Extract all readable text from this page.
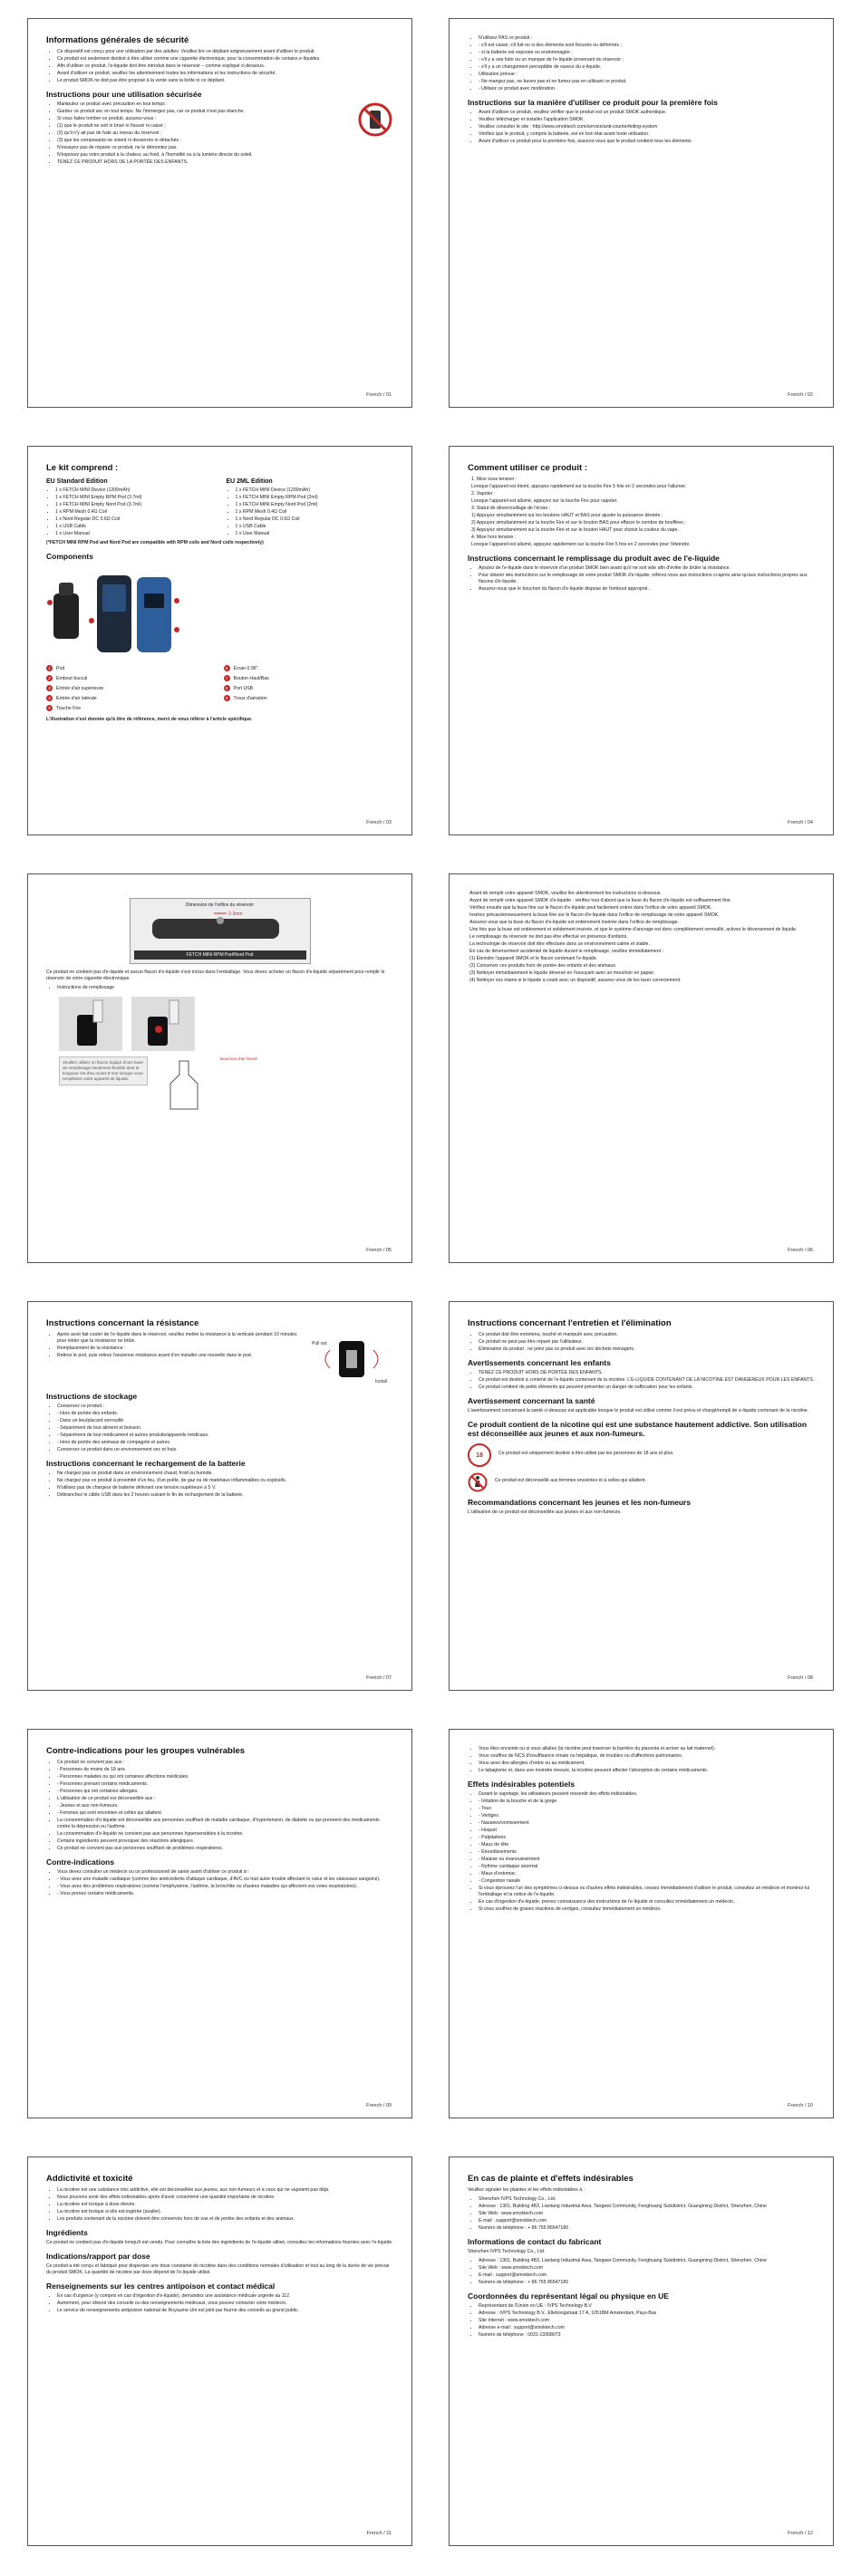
Informations générales de sécurité
• Ce dispositif est conçu pour une utilisation par des adultes. Veuillez lire ce dépliant soigneusement avant d'utiliser le produit.
• Ce produit est seulement destiné à être utilisé comme une cigarette électronique, pour la consommation de certains e-liquides.
• Afin d'utiliser ce produit, l'e-liquide doit être introduit dans le réservoir – comme expliqué ci-dessous.
• Avant d'utiliser ce produit, veuillez lire attentivement toutes les informations et les instructions de sécurité.
• Le produit SMOK ne doit pas être proposé à la vente sans la boîte ni ce dépliant.
Instructions pour une utilisation sécurisée
• Manipulez ce produit avec précaution en tout temps :
• Gardez ce produit sec en tout temps. Ne l'immergez pas, car ce produit n'est pas étanche.
• Si vous faites tomber ce produit, assurez-vous :
• (1) que le produit ne soit ni brisé ni fissuré ni cassé ;
• (2) qu'il n'y ait pas de fuite au niveau du réservoir ;
• (3) que les composants ne soient ni desserrés ni détachés ;
• N'essayez pas de réparer ce produit, ne le démontez pas.
• N'exposez pas votre produit à la chaleur, au froid, à l'humidité ou à la lumière directe du soleil.
• TENEZ CE PRODUIT HORS DE LA PORTÉE DES ENFANTS.
French / 01
• N'utilisez PAS ce produit :
• - s'il est cassé, s'il fuit ou si des éléments sont fissurés ou déformés ;
• - si la batterie est exposée ou endommagée ;
• - s'il y a une fuite ou un manque de l'e-liquide provenant du réservoir ;
• - s'il y a un changement perceptible de saveur du e-liquide.
• Utilisation prévue :
• - Ne mangez pas, ne buvez pas et ne fumez pas en utilisant ce produit.
• - Utilisez ce produit avec modération.
Instructions sur la manière d'utiliser ce produit pour la première fois
• Avant d'utiliser ce produit, veuillez vérifier que le produit est un produit SMOK authentique.
• Veuillez télécharger et installer l'application SMOK.
• Veuillez consulter le site : http://www.smoktech.com/service/anti-counterfeiting-system
• Vérifiez que le produit, y compris la batterie, est en bon état avant toute utilisation.
• Avant d'utiliser ce produit pour la première fois, assurez-vous que le produit contient tous les éléments.
French / 02
Le kit comprend :
EU Standard Edition
• 1 x FETCH MINI Device (1200mAh)
• 1 x FETCH MINI Empty RPM Pod (3.7ml)
• 1 x FETCH MINI Empty Nord Pod (3.7ml)
• 1 x RPM Mesh 0.4Ω Coil
• 1 x Nord Regular DC 0.6Ω Coil
• 1 x USB Cable
• 1 x User Manual
EU 2ML Edition
• 1 x FETCH MINI Device (1200mAh)
• 1 x FETCH MINI Empty RPM Pod (2ml)
• 1 x FETCH MINI Empty Nord Pod (2ml)
• 1 x RPM Mesh 0.4Ω Coil
• 1 x Nord Regular DC 0.6Ω Coil
• 1 x USB Cable
• 1 x User Manual

(*FETCH MINI RPM Pod and Nord Pod are compatible with RPM coils and Nord coils respectively)

Components
1	Pod	6	Écran 0.96"
2	Embout buccal	7	Bouton Haut/Bas
3	Entrée d'air supérieure	8	Port USB
4	Entrée d'air latérale	9	Trous d'aération
5	Touche Fire

L'illustration n'est donnée qu'à titre de référence, merci de vous référer à l'article spécifique.

French / 03
Comment utiliser ce produit :
1. Mise sous tension :
Lorsque l'appareil est éteint, appuyez rapidement sur la touche Fire 5 fois en 2 secondes pour l'allumer.
2. Vapoter :
Lorsque l'appareil est allumé, appuyez sur la touche Fire pour vapoter.
3. Statut de déverrouillage de l'écran :
1) Appuyez simultanément sur les boutons HAUT et BAS pour ajuster la puissance désirée ;
2) Appuyez simultanément sur la touche Fire et sur le bouton BAS pour effacer le nombre de bouffées ;
3) Appuyez simultanément sur la touche Fire et sur le bouton HAUT pour choisir la couleur du vape.
4. Mise hors tension :
Lorsque l'appareil est allumé, appuyez rapidement sur la touche Fire 5 fois en 2 secondes pour l'éteindre.
Instructions concernant le remplissage du produit avec de l'e-liquide
• Ajoutez de l'e-liquide dans le réservoir d'un produit SMOK bien avant qu'il ne soit vide afin d'éviter de brûler la résistance.
• Pour obtenir des instructions sur le remplissage de votre produit SMOK d'e-liquide, référez-vous aux instructions ci-après ainsi qu'aux instructions propres aux flacons d'e-liquide.
• Assurez-vous que le bouchon du flacon d'e-liquide dispose de l'embout approprié.
French / 04
Dimension de l'orifice du réservoir
2-3mm
FETCH MINI RPM Pod/Nord Pod

Ce produit ne contient pas d'e-liquide et aucun flacon d'e-liquide n'est inclus dans l'emballage. Vous devez acheter un flacon d'e-liquide séparément pour remplir le réservoir de votre cigarette électronique.

• Instructions de remplissage
Veuillez utiliser un flacon équipé d'une buse de remplissage seulement flexible dont la longueur est d'au moins 9 mm lorsque vous remplissez votre appareil de liquide.
Bouchon d'air fermé
French / 05
Avant de remplir votre appareil SMOK, veuillez lire attentivement les instructions ci-dessous.
Avant de remplir votre appareil SMOK d'e-liquide : vérifiez tout d'abord que la buse du flacon d'e-liquide est suffisamment fine.
Vérifiez ensuite que la buse fine sur le flacon d'e-liquide peut facilement entrer dans l'orifice de votre appareil SMOK.
Insérez précautionneusement la buse fine sur le flacon d'e-liquide dans l'orifice de remplissage de votre appareil SMOK.
Assurez-vous que la buse du flacon d'e-liquide est entièrement insérée dans l'orifice de remplissage.
Une fois que la buse est entièrement et solidement insérée, et que le système d'ancrage est donc complètement verrouillé, activez le déversement de liquide.
Le remplissage du réservoir ne doit pas être effectué en présence d'enfants.
La technologie de réservoir doit être effectuée dans un environnement calme et stable.
En cas de déversement accidentel de liquide durant le remplissage, veuillez immédiatement :
(1) Éteindre l'appareil SMOK et le flacon contenant l'e-liquide.
(2) Conserver ces produits hors de portée des enfants et des animaux.
(3) Nettoyer immédiatement le liquide déversé en l'essuyant avec un mouchoir en papier.
(4) Nettoyer vos mains si le liquide a coulé avec un dispositif, assurez-vous de les laver correctement.
French / 06
Instructions concernant la résistance
• Après avoir fait couler de l'e-liquide dans le réservoir, veuillez mettre la résistance à la verticale pendant 10 minutes pour éviter que la résistance ne brûle.
• Remplacement de la résistance :
• Retirez le pod, puis retirez l'ancienne résistance avant d'en installer une nouvelle dans le pod.
Pull out
Install
Instructions de stockage
• Conservez ce produit :
• - Hors de portée des enfants.
• - Dans un lieu/placard verrouillé.
• - Séparément de tout aliment et boisson.
• - Séparément de tout médicament et autres produits/appareils médicaux.
• - Hors de portée des animaux de compagnie et autres.
• Conservez ce produit dans un environnement sec et frais.
Instructions concernant le rechargement de la batterie
• Ne chargez pas ce produit dans un environnement chaud, froid ou humide.
• Ne chargez pas ce produit à proximité d'un feu, d'un poêle, de gaz ou de matériaux inflammables ou explosifs.
• N'utilisez pas de chargeur de batterie délivrant une tension supérieure à 5 V.
• Débranchez le câble USB dans les 2 heures suivant le fin de rechargement de la batterie.
French / 07
Instructions concernant l'entretien et l'élimination
• Ce produit doit être entretenu, touché et manipulé avec précaution.
• Ce produit ne peut pas être réparé par l'utilisateur.
• Élimination du produit : ne jetez pas ce produit avec les déchets ménagers.
Avertissements concernant les enfants
• TENEZ CE PRODUIT HORS DE PORTÉE DES ENFANTS.
• Ce produit est destiné à contenir de l'e-liquide contenant de la nicotine. L'E-LIQUIDE CONTENANT DE LA NICOTINE EST DANGEREUX POUR LES ENFANTS.
• Ce produit contient de petits éléments qui peuvent présenter un danger de suffocation pour les enfants.
Avertissement concernant la santé

L'avertissement concernant la santé ci-dessous est applicable lorsque le produit est utilisé comme il est prévu et chargé/rempli de e-liquide contenant de la nicotine.

Ce produit contient de la nicotine qui est une substance hautement addictive. Son utilisation est déconseillée aux jeunes et aux non-fumeurs.
18	Ce produit est uniquement destiné à être utilisé par les personnes de 18 ans et plus.

Ce produit est déconseillé aux femmes enceintes et à celles qui allaitent.

Recommandations concernant les jeunes et les non-fumeurs

L'utilisation de ce produit est déconseillée aux jeunes et aux non-fumeurs.

French / 08
Contre-indications pour les groupes vulnérables
• Ce produit ne convient pas aux :
• - Personnes de moins de 18 ans.
• - Personnes malades ou qui ont certaines affections médicales.
• - Personnes prenant certains médicaments.
• - Personnes qui ont certaines allergies.
• L'utilisation de ce produit est déconseillée aux :
• - Jeunes et aux non-fumeurs.
• - Femmes qui sont enceintes et celles qui allaitent.
• La consommation d'e-liquide est déconseillée aux personnes souffrant de maladie cardiaque, d'hypertension, de diabète ou qui prennent des médicaments contre la dépression ou l'asthme.
• La consommation d'e-liquide ne convient pas aux personnes hypersensibles à la nicotine.
• Certains ingrédients peuvent provoquer des réactions allergiques.
• Ce produit ne convient pas aux personnes souffrant de problèmes respiratoires.
Contre-indications
• Vous devez consulter un médecin ou un professionnel de santé avant d'utiliser ce produit si :
• - Vous avez une maladie cardiaque (comme des antécédents d'attaque cardiaque, d'AVC ou tout autre trouble affectant le cœur et les vaisseaux sanguins).
• - Vous avez des problèmes respiratoires (comme l'emphysème, l'asthme, la bronchite ou d'autres maladies qui affectent vos voies respiratoires).
• - Vous prenez certains médicaments.
French / 09
• Vous êtes enceinte ou si vous allaitez (la nicotine peut traverser la barrière du placenta et arriver au lait maternel).
• Vous souffrez de NCS d'insuffisance rénale ou hépatique, de troubles ou d'affections pulmonaires.
• Vous avez des allergies d'ordre ou au médicament.
• Le tabagisme et, dans une moindre mesure, la nicotine peuvent affecter l'absorption de certains médicaments.
Effets indésirables potentiels
• Durant le vapotage, les utilisateurs peuvent ressentir des effets indésirables.
• - Irritation de la bouche et de la gorge
• - Toux
• - Vertiges
• - Nausées/vomissement
• - Hoquet
• - Palpitations
• - Maux de tête
• - Étourdissements
• - Malaise ou évanouissement
• - Rythme cardiaque anormal
• - Maux d'estomac
• - Congestion nasale
• Si vous éprouvez l'un des symptômes ci-dessus ou d'autres effets indésirables, cessez immédiatement d'utiliser le produit, consultez un médecin et montrez-lui l'emballage et la notice de l'e-liquide.
• En cas d'ingestion d'e-liquide, prenez connaissance des instructions de l'e-liquide et consultez immédiatement un médecin.
• Si vous souffrez de graves réactions de vertiges, consultez immédiatement un médecin.
French / 10
Addictivité et toxicité
• La nicotine est une substance très addictive, elle est déconseillée aux jeunes, aux non-fumeurs et à ceux qui ne vapotent pas déjà.
• Nous pouvons avoir des effets indésirables après d'avoir consommé une quantité importante de nicotine.
• La nicotine est toxique à dose élevée.
• La nicotine est toxique si elle est ingérée (avalée).
• Les produits contenant de la nicotine doivent être conservés hors de vue et de portée des enfants et des animaux.
Ingrédients

Ce produit ne contient pas d'e-liquide lorsqu'il est vendu. Pour connaître la liste des ingrédients de l'e-liquide utilisé, consultez les informations fournies avec l'e-liquide.

Indications/rapport par dose

Ce produit a été conçu et fabriqué pour dispenser une dose constante de nicotine dans des conditions normales d'utilisation et tout au long de la durée de vie prévue du produit SMOK. La quantité de nicotine par dose dépend de l'e-liquide utilisé.

Renseignements sur les centres antipoison et contact médical
• En cas d'urgence (y compris en cas d'ingestion d'e-liquide), demandez une assistance médicale urgente au 112.
• Autrement, pour obtenir des conseils ou des renseignements médicaux, vous pouvez contacter votre médecin.
• Le service de renseignements antipoison national de Royaume-Uni est joint par fournir des conseils au grand public.
French / 11
En cas de plainte et d'effets indésirables

Veuillez signaler les plaintes et les effets indésirables à :

• Shenzhen IVPS Technology Co., Ltd.
• Adresse : 1301, Building 4B3, Liantang Industrial Area, Tangwei Community, Fenghuang Subdistrict, Guangming District, Shenzhen, Chine
• Site Web : www.smoktech.com
• E-mail : support@smoktech.com
• Numéro de téléphone : + 86 755 86547180
Informations de contact du fabricant

Shenzhen IVPS Technology Co., Ltd.

• Adresse : 1301, Building 4B3, Liantang Industrial Area, Tangwei Community, Fenghuang Subdistrict, Guangming District, Shenzhen, Chine
• Site Web : www.smoktech.com
• E-mail : support@smoktech.com
• Numéro de téléphone : + 86 755 86547180
Coordonnées du représentant légal ou physique en UE
• Représentant de l'Union en UE : IVPS Technology B.V
• Adresse : IVPS Technology B.V., Elleboogstraat 17 A, 1051BM Amsterdam, Pays-Bas
• Site Internet : www.smoktech.com
• Adresse e-mail : support@smoktech.com
• Numéro de téléphone : 0031-13308073
French / 12
